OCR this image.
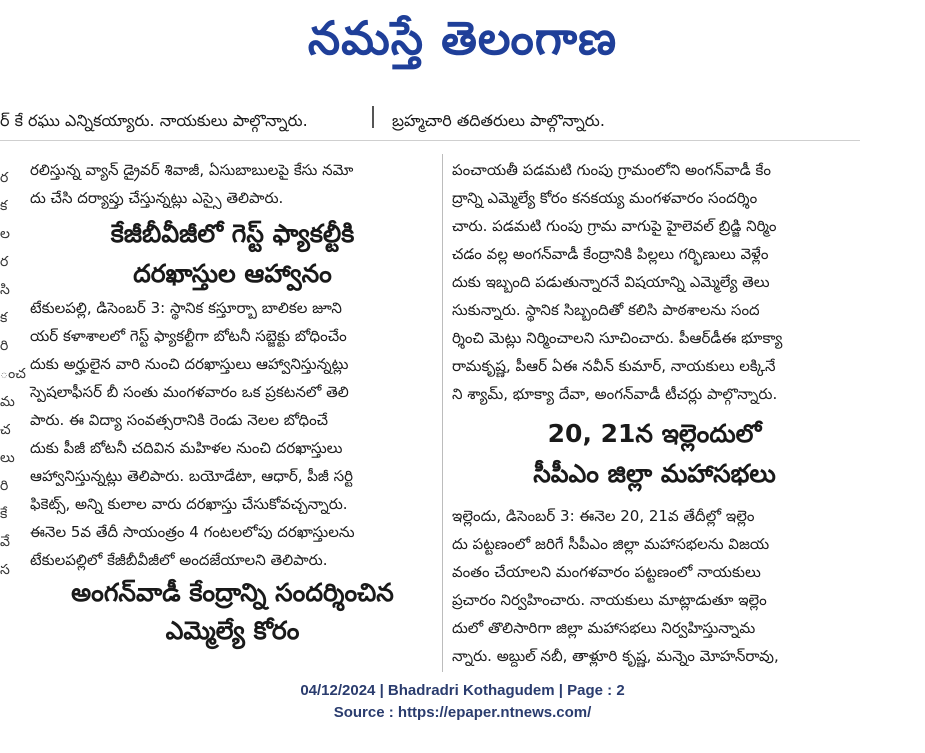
నమస్తే తెలంగాణ
ర్ కే రఘు ఎన్నికయ్యారు. నాయకులు పాల్గొన్నారు.	బ్రహ్మచారి తదితరులు పాల్గొన్నారు.
ర
క
ల
ర
సి
క
రి
ంచ
మ
చ
లు
రి
కే
వే
స

రలిస్తున్న వ్యాన్ డ్రైవర్ శివాజీ, ఏసుబాబులపై కేసు నమో

దు చేసి దర్యాప్తు చేస్తున్నట్లు ఎస్సై తెలిపారు.

కేజీబీవీజీలో గెస్ట్ ఫ్యాకల్టీకి
దరఖాస్తుల ఆహ్వానం

టేకులపల్లి, డిసెంబర్ 3: స్థానిక కస్తూర్బా బాలికల జూని

యర్ కళాశాలలో గెస్ట్ ఫ్యాకల్టీగా బోటనీ సబ్జెక్టు బోధించేం

దుకు అర్హులైన వారి నుంచి దరఖాస్తులు ఆహ్వానిస్తున్నట్లు

స్పెషలాఫీసర్ బీ సంతు మంగళవారం ఒక ప్రకటనలో తెలి

పారు. ఈ విద్యా సంవత్సరానికి రెండు నెలల బోధించే

దుకు పీజీ బోటనీ చదివిన మహిళల నుంచి దరఖాస్తులు

ఆహ్వానిస్తున్నట్లు తెలిపారు. బయోడేటా, ఆధార్, పీజీ సర్టి

ఫికెట్స్, అన్ని కులాల వారు దరఖాస్తు చేసుకోవచ్చన్నారు.

ఈనెల 5వ తేదీ సాయంత్రం 4 గంటలలోపు దరఖాస్తులను

టేకులపల్లిలో కేజీబీవీజీలో అందజేయాలని తెలిపారు.

అంగన్‌వాడీ కేంద్రాన్ని సందర్శించిన
ఎమ్మెల్యే కోరం

పంచాయతీ పడమటి గుంపు గ్రామంలోని అంగన్‌వాడీ కేం

ద్రాన్ని ఎమ్మెల్యే కోరం కనకయ్య మంగళవారం సందర్శిం

చారు. పడమటి గుంపు గ్రామ వాగుపై హైలెవల్ బ్రిడ్జి నిర్మిం

చడం వల్ల అంగన్‌వాడీ కేంద్రానికి పిల్లలు గర్భిణులు వెళ్లేం

దుకు ఇబ్బంది పడుతున్నారనే విషయాన్ని ఎమ్మెల్యే తెలు

సుకున్నారు. స్థానిక సిబ్బందితో కలిసి పాఠశాలను సంద

ర్శించి మెట్లు నిర్మించాలని సూచించారు. పీఆర్‌డీఈ భూక్యా

రామకృష్ణ, పీఆర్ ఏఈ నవీన్ కుమార్, నాయకులు లక్కినే

ని శ్యామ్, భూక్యా దేవా, అంగన్‌వాడీ టీచర్లు పాల్గొన్నారు.

20, 21న ఇల్లెందులో
సీపీఎం జిల్లా మహాసభలు

ఇల్లెందు, డిసెంబర్ 3: ఈనెల 20, 21వ తేదీల్లో ఇల్లెం

దు పట్టణంలో జరిగే సీపీఎం జిల్లా మహాసభలను విజయ

వంతం చేయాలని మంగళవారం పట్టణంలో నాయకులు

ప్రచారం నిర్వహించారు. నాయకులు మాట్లాడుతూ ఇల్లెం

దులో తొలిసారిగా జిల్లా మహాసభలు నిర్వహిస్తున్నామ

న్నారు. అబ్దుల్ నబీ, తాళ్లూరి కృష్ణ, మన్నెం మోహన్‌రావు,

04/12/2024 | Bhadradri Kothagudem | Page : 2
Source : https://epaper.ntnews.com/
